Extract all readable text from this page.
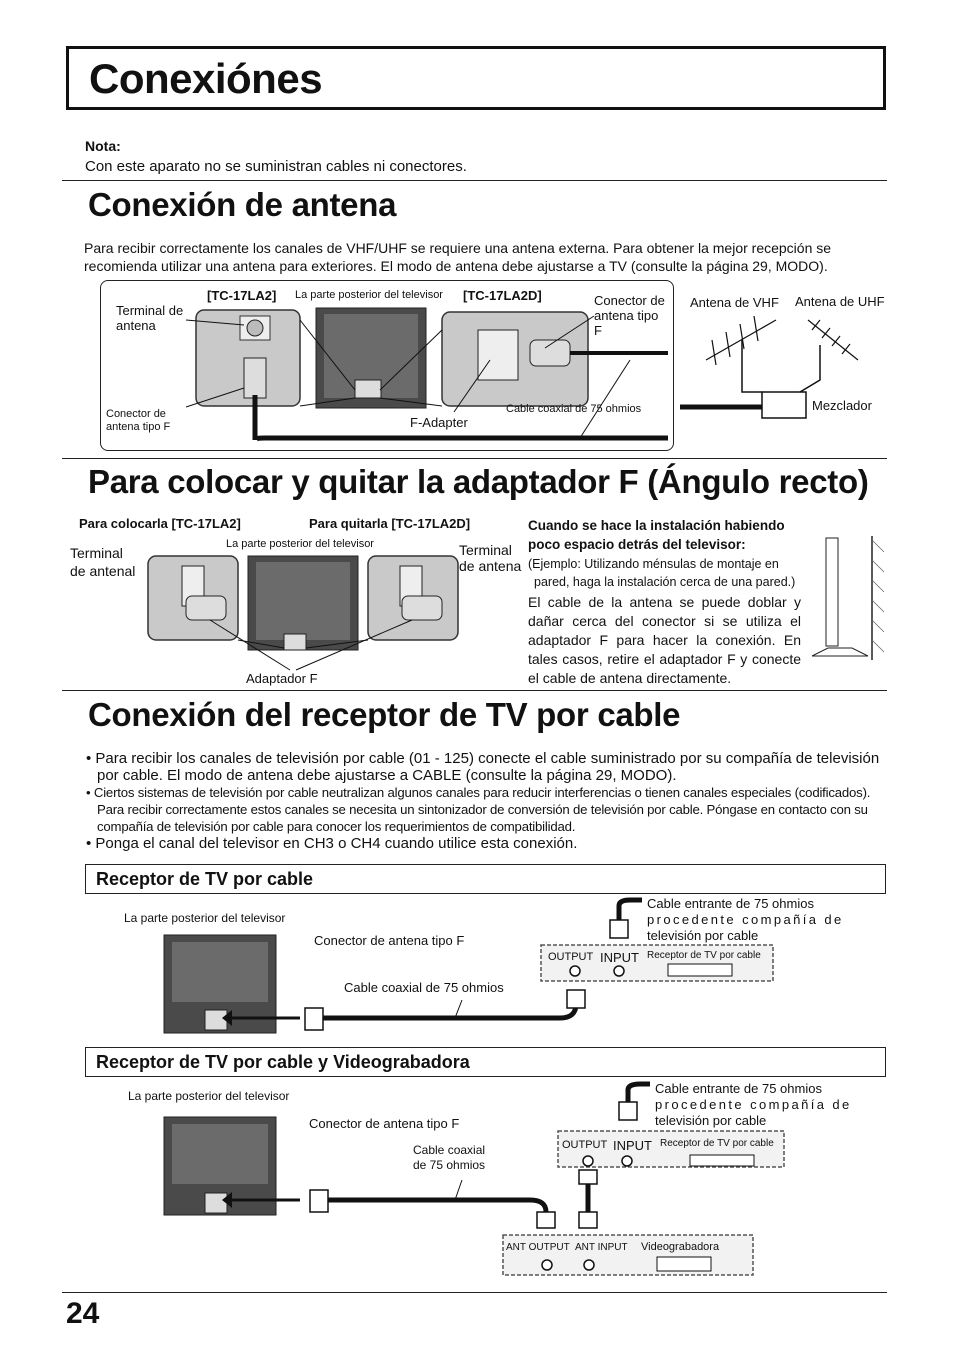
Conexiónes
Nota:
Con este aparato no se suministran cables ni conectores.
Conexión de antena
Para recibir correctamente los canales de VHF/UHF se requiere una antena externa. Para obtener la mejor recepción se
recomienda utilizar una antena para exteriores. El modo de antena debe ajustarse a TV (consulte la página 29, MODO).
[TC-17LA2] La parte posterior del televisor [TC-17LA2D]
Terminal de antena
Conector de antena tipo F
Conector de antena tipo F	F-Adapter
Cable coaxial de 75 ohmios
Antena de VHF Antena de UHF
Mezclador
Para colocar y quitar la adaptador F (Ángulo recto)
Para colocarla [TC-17LA2]	Para quitarla [TC-17LA2D]
La parte posterior del televisor
Terminal de antenal
Terminal de antena
Adaptador F
Cuando se hace la instalación habiendo
poco espacio detrás del televisor:
(Ejemplo: Utilizando ménsulas de montaje en
pared, haga la instalación cerca de una pared.)
El cable de la antena se puede doblar y dañar cerca del conector si se utiliza el adaptador F para hacer la conexión. En tales casos, retire el adaptador F y conecte el cable de antena directamente.
Conexión del receptor de TV por cable
• Para recibir los canales de televisión por cable (01 - 125) conecte el cable suministrado por su compañía de televisión por cable. El modo de antena debe ajustarse a CABLE (consulte la página 29, MODO).
• Ciertos sistemas de televisión por cable neutralizan algunos canales para reducir interferencias o tienen canales especiales (codificados). Para recibir correctamente estos canales se necesita un sintonizador de conversión de televisión por cable. Póngase en contacto con su compañía de televisión por cable para conocer los requerimientos de compatibilidad.
• Ponga el canal del televisor en CH3 o CH4 cuando utilice esta conexión.
Receptor de TV por cable
La parte posterior del televisor
Conector de antena tipo F
Cable coaxial de 75 ohmios
Cable entrante de 75 ohmios
procedente compañía de
televisión por cable
OUTPUT INPUT Receptor de TV por cable
Receptor de TV por cable y Videograbadora
La parte posterior del televisor
Conector de antena tipo F
Cable coaxial
de 75 ohmios
Cable entrante de 75 ohmios
procedente compañía de
televisión por cable
OUTPUT INPUT Receptor de TV por cable
ANT OUTPUT ANT INPUT Videograbadora
24
